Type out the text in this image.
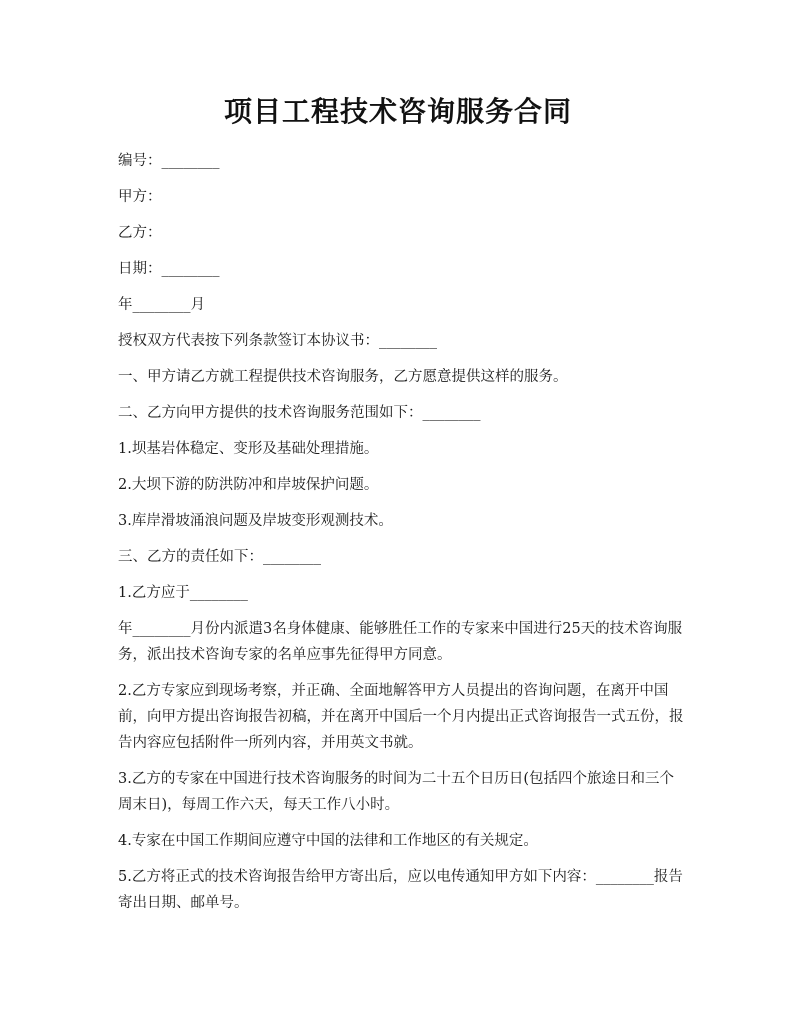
项目工程技术咨询服务合同

编号：________

甲方：

乙方：

日期：________

年________月

授权双方代表按下列条款签订本协议书：________

一、甲方请乙方就工程提供技术咨询服务，乙方愿意提供这样的服务。

二、乙方向甲方提供的技术咨询服务范围如下：________

1.坝基岩体稳定、变形及基础处理措施。

2.大坝下游的防洪防冲和岸坡保护问题。

3.库岸滑坡涌浪问题及岸坡变形观测技术。

三、乙方的责任如下：________

1.乙方应于________

年________月份内派遣3名身体健康、能够胜任工作的专家来中国进行25天的技术咨询服务，派出技术咨询专家的名单应事先征得甲方同意。

2.乙方专家应到现场考察，并正确、全面地解答甲方人员提出的咨询问题，在离开中国前，向甲方提出咨询报告初稿，并在离开中国后一个月内提出正式咨询报告一式五份，报告内容应包括附件一所列内容，并用英文书就。

3.乙方的专家在中国进行技术咨询服务的时间为二十五个日历日(包括四个旅途日和三个周末日)，每周工作六天，每天工作八小时。

4.专家在中国工作期间应遵守中国的法律和工作地区的有关规定。

5.乙方将正式的技术咨询报告给甲方寄出后，应以电传通知甲方如下内容：________报告寄出日期、邮单号。
